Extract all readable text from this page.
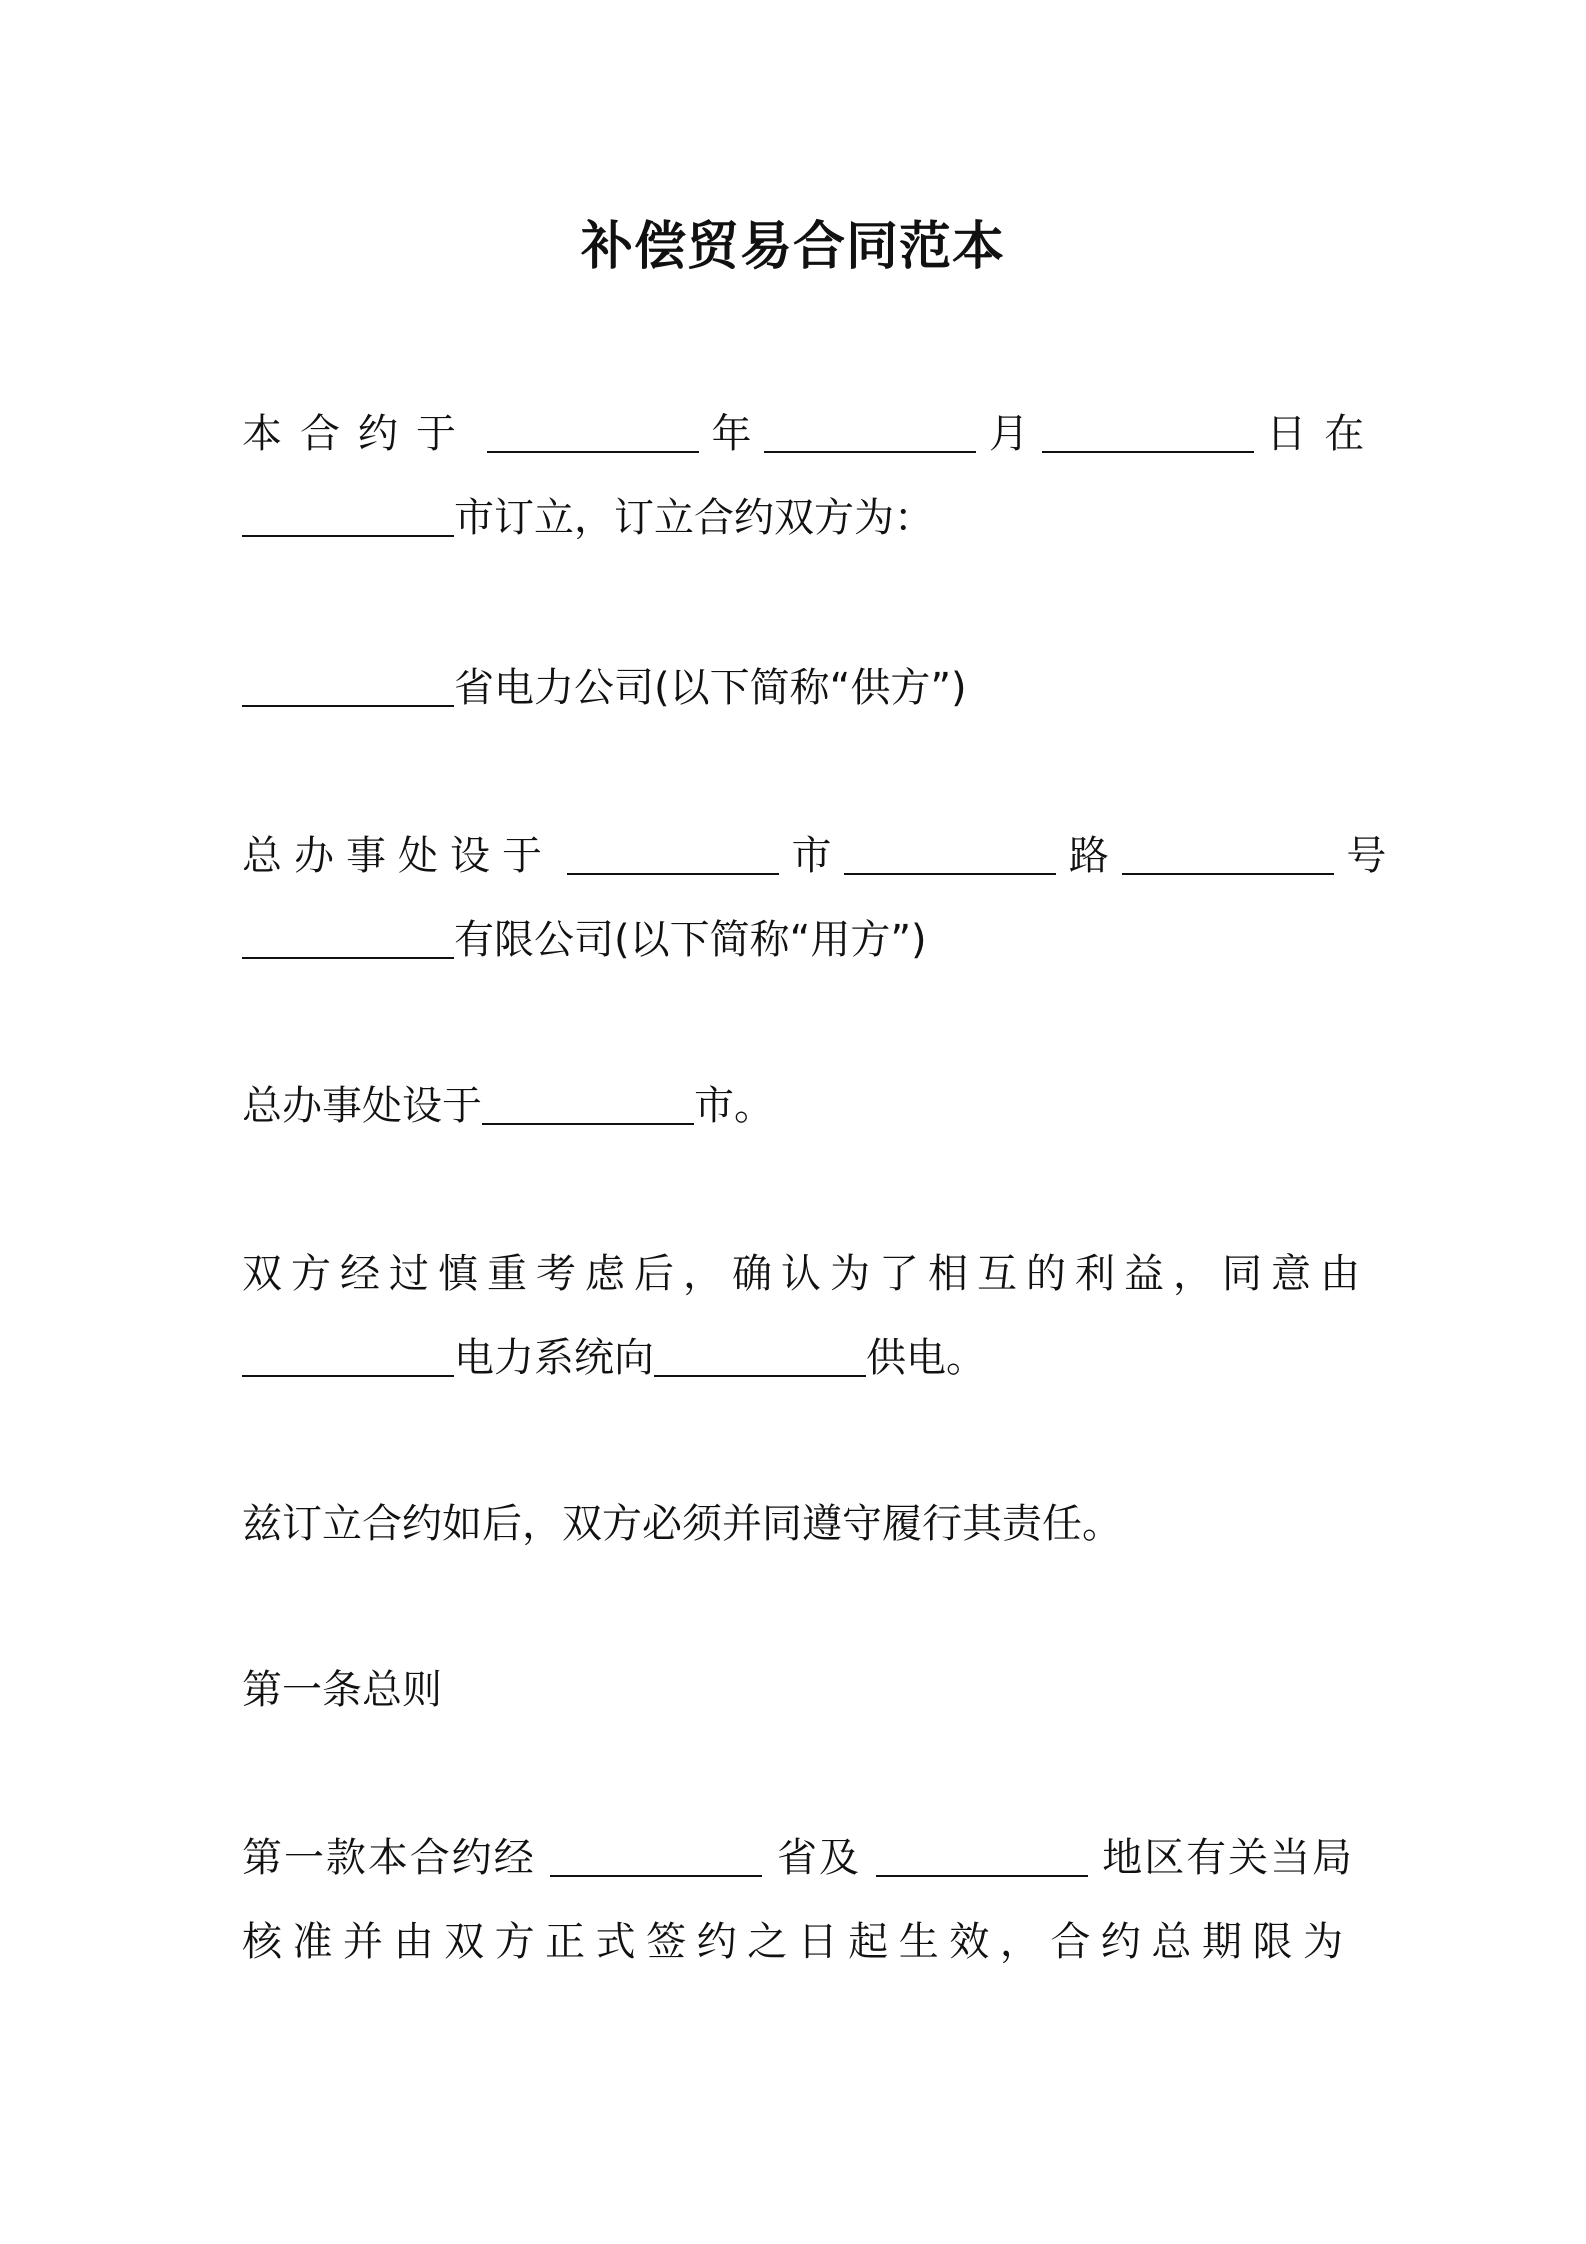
补偿贸易合同范本
本合约于	年	月	日在
市订立，订立合约双方为：
省电力公司(以下简称“供方”)
总办事处设于	市	路	号
有限公司(以下简称“用方”)
总办事处设于	市。
双方经过慎重考虑后，确认为了相互的利益，同意由
电力系统向	供电。
兹订立合约如后，双方必须并同遵守履行其责任。
第一条总则
第一款本合约经	省及	地区有关当局
核准并由双方正式签约之日起生效，合约总期限为
